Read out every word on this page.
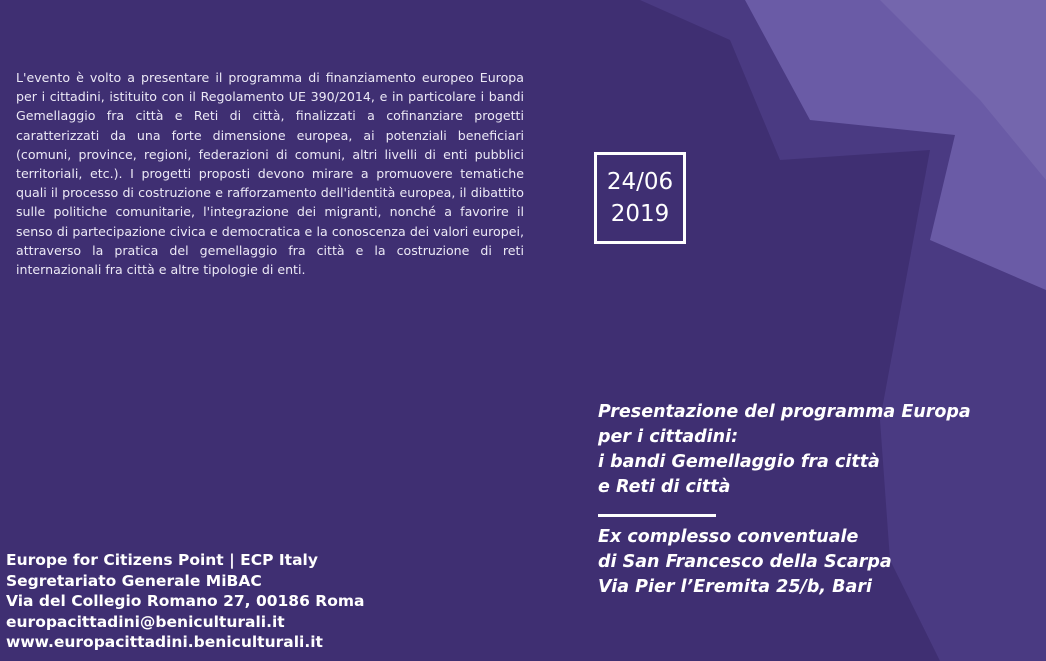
L'evento è volto a presentare il programma di finanziamento europeo Europa per i cittadini, istituito con il Regolamento UE 390/2014, e in particolare i bandi Gemellaggio fra città e Reti di città, finalizzati a cofinanziare progetti caratterizzati da una forte dimensione europea, ai potenziali beneficiari (comuni, province, regioni, federazioni di comuni, altri livelli di enti pubblici territoriali, etc.). I progetti proposti devono mirare a promuovere tematiche quali il processo di costruzione e rafforzamento dell'identità europea, il dibattito sulle politiche comunitarie, l'integrazione dei migranti, nonché a favorire il senso di partecipazione civica e democratica e la conoscenza dei valori europei, attraverso la pratica del gemellaggio fra città e la costruzione di reti internazionali fra città e altre tipologie di enti.

24/06
2019
Presentazione del programma Europa
per i cittadini:
i bandi Gemellaggio fra città
e Reti di città
Ex complesso conventuale
di San Francesco della Scarpa
Via Pier l’Eremita 25/b, Bari
Europe for Citizens Point | ECP Italy
Segretariato Generale MiBAC
Via del Collegio Romano 27, 00186 Roma
europacittadini@beniculturali.it
www.europacittadini.beniculturali.it
